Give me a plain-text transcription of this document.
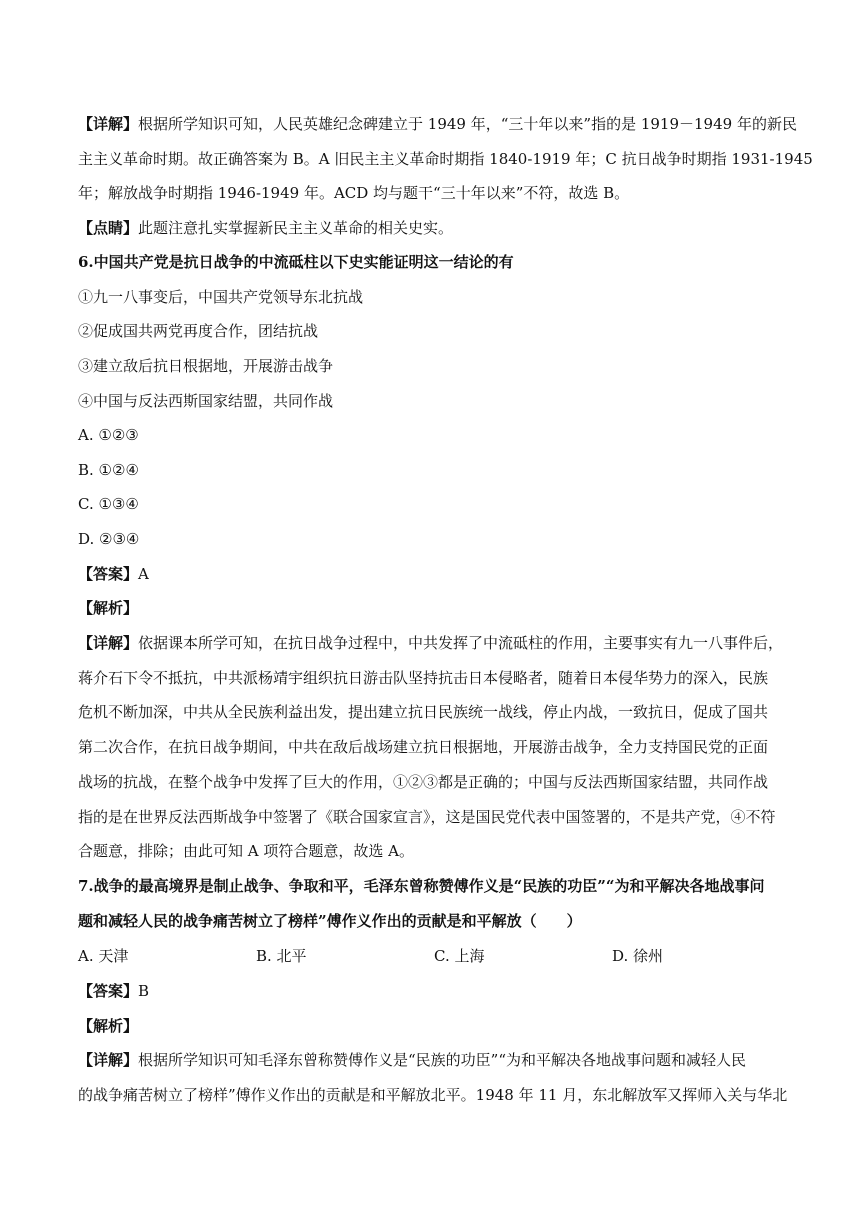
【详解】根据所学知识可知，人民英雄纪念碑建立于 1949 年，“三十年以来”指的是 1919－1949 年的新民
主主义革命时期。故正确答案为 B。A 旧民主主义革命时期指 1840-1919 年；C 抗日战争时期指 1931-1945
年；解放战争时期指 1946-1949 年。ACD 均与题干“三十年以来”不符，故选 B。
【点睛】此题注意扎实掌握新民主主义革命的相关史实。
6.中国共产党是抗日战争的中流砥柱以下史实能证明这一结论的有
①九一八事变后，中国共产党领导东北抗战
②促成国共两党再度合作，团结抗战
③建立敌后抗日根据地，开展游击战争
④中国与反法西斯国家结盟，共同作战
A. ①②③
B. ①②④
C. ①③④
D. ②③④
【答案】A
【解析】
【详解】依据课本所学可知，在抗日战争过程中，中共发挥了中流砥柱的作用，主要事实有九一八事件后，
蒋介石下令不抵抗，中共派杨靖宇组织抗日游击队坚持抗击日本侵略者，随着日本侵华势力的深入，民族
危机不断加深，中共从全民族利益出发，提出建立抗日民族统一战线，停止内战，一致抗日，促成了国共
第二次合作，在抗日战争期间，中共在敌后战场建立抗日根据地，开展游击战争，全力支持国民党的正面
战场的抗战，在整个战争中发挥了巨大的作用，①②③都是正确的；中国与反法西斯国家结盟，共同作战
指的是在世界反法西斯战争中签署了《联合国家宣言》，这是国民党代表中国签署的，不是共产党，④不符
合题意，排除；由此可知 A 项符合题意，故选 A。
7.战争的最高境界是制止战争、争取和平，毛泽东曾称赞傅作义是“民族的功臣”“为和平解决各地战事问
题和减轻人民的战争痛苦树立了榜样”傅作义作出的贡献是和平解放（　　）
A. 天津	B. 北平	C. 上海	D. 徐州
【答案】B
【解析】
【详解】根据所学知识可知毛泽东曾称赞傅作义是“民族的功臣”“为和平解决各地战事问题和减轻人民
的战争痛苦树立了榜样”傅作义作出的贡献是和平解放北平。1948 年 11 月，东北解放军又挥师入关与华北
